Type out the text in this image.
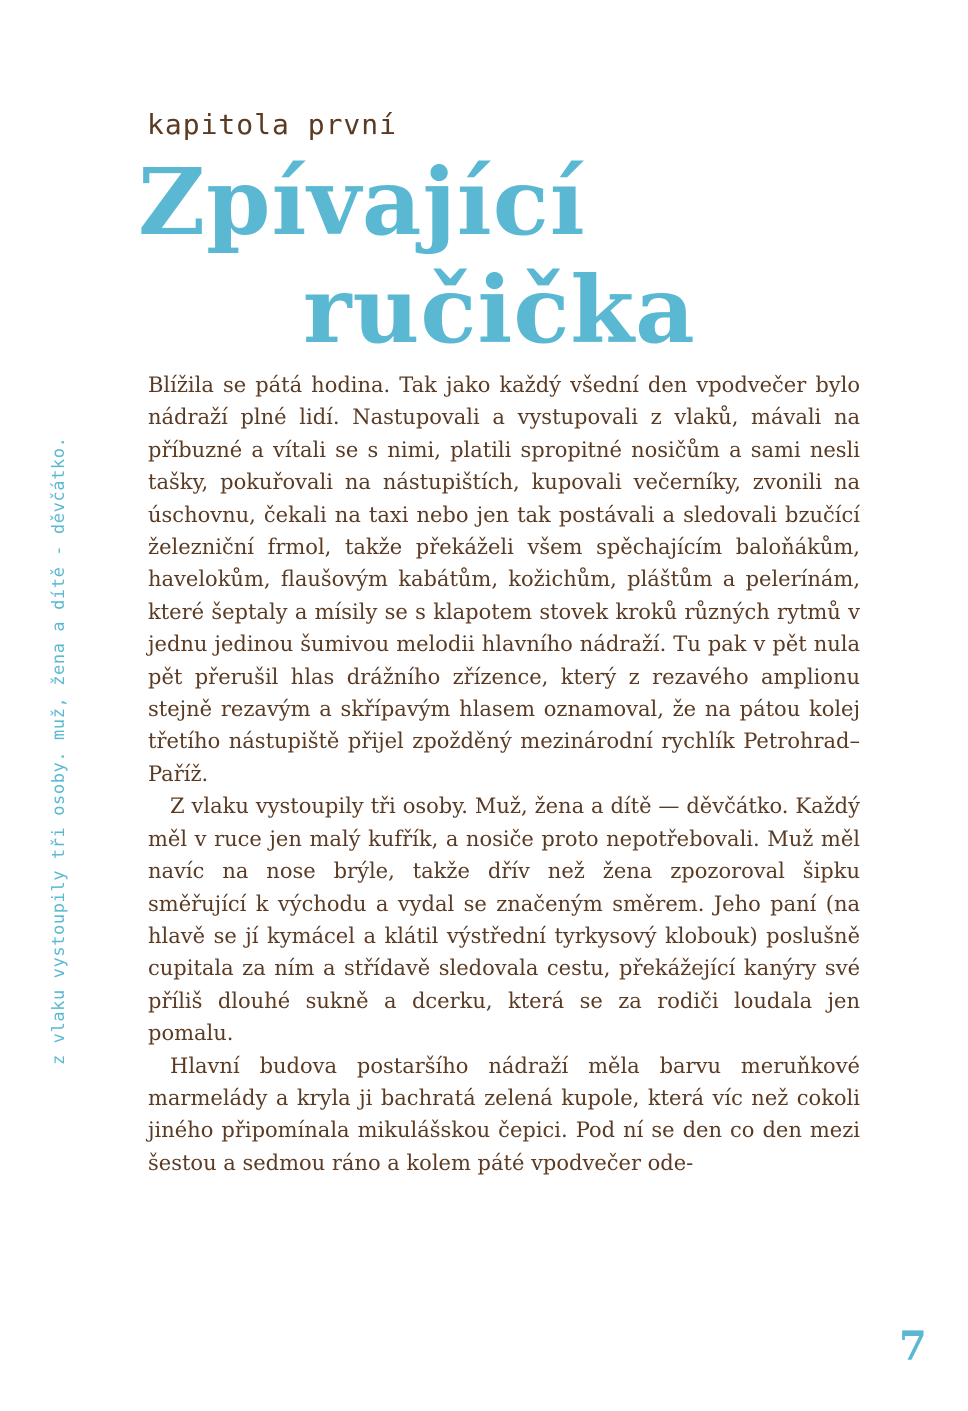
kapitola první
Zpívající
ručička
z vlaku vystoupily tři osoby. muž, žena a dítě - děvčátko.

Blížila se pátá hodina. Tak jako každý všední den vpodvečer bylo nádraží plné lidí. Nastupovali a vystupovali z vlaků, mávali na příbuzné a vítali se s nimi, platili spropitné nosičům a sami nesli tašky, pokuřovali na nástupištích, kupovali večerníky, zvonili na úschovnu, čekali na taxi nebo jen tak postávali a sledovali bzučící železniční frmol, takže překáželi všem spěchajícím baloňákům, havelokům, flaušovým kabátům, kožichům, pláštům a pelerínám, které šeptaly a mísily se s klapotem stovek kroků různých rytmů v jednu jedinou šumivou melodii hlavního nádraží. Tu pak v pět nula pět přerušil hlas drážního zřízence, který z rezavého amplionu stejně rezavým a skřípavým hlasem oznamoval, že na pátou kolej třetího nástupiště přijel zpožděný mezinárodní rychlík Petrohrad–Paříž.

Z vlaku vystoupily tři osoby. Muž, žena a dítě — děvčátko. Každý měl v ruce jen malý kufřík, a nosiče proto nepotřebovali. Muž měl navíc na nose brýle, takže dřív než žena zpozoroval šipku směřující k východu a vydal se značeným směrem. Jeho paní (na hlavě se jí kymácel a klátil výstřední tyrkysový klobouk) poslušně cupitala za ním a střídavě sledovala cestu, překážející kanýry své příliš dlouhé sukně a dcerku, která se za rodiči loudala jen pomalu.

Hlavní budova postaršího nádraží měla barvu meruňkové marmelády a kryla ji bachratá zelená kupole, která víc než cokoli jiného připomínala mikulášskou čepici. Pod ní se den co den mezi šestou a sedmou ráno a kolem páté vpodvečer ode-

7
